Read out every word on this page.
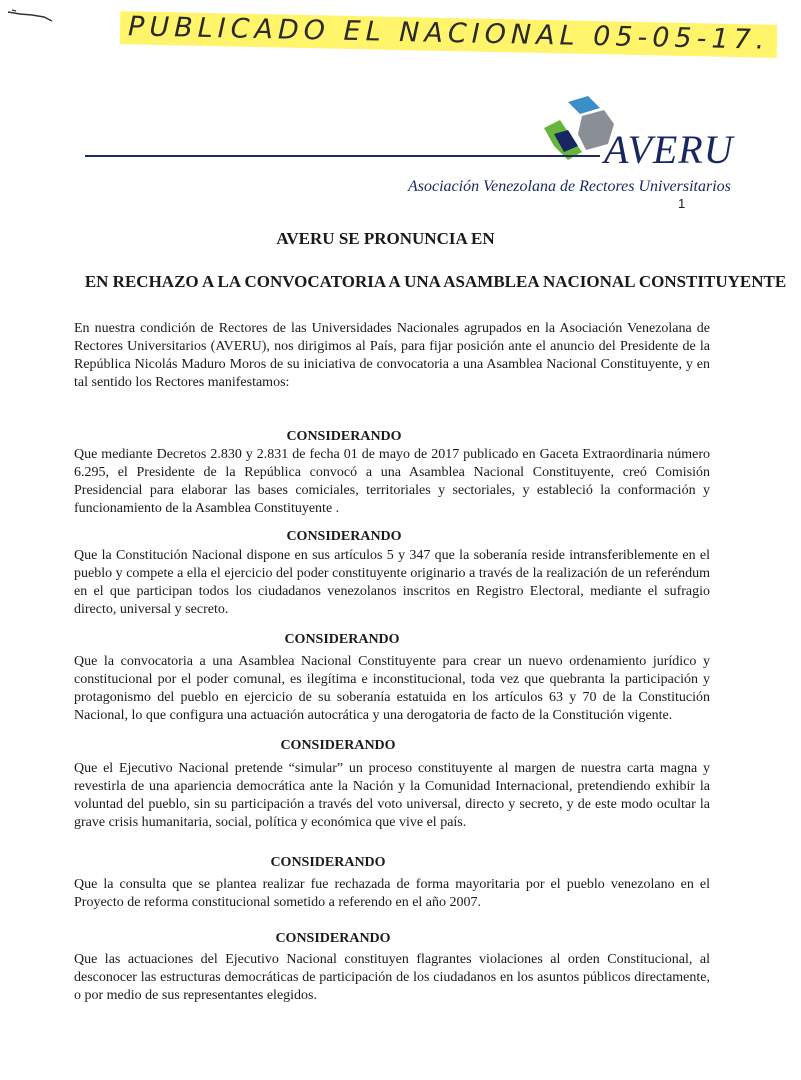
PUBLICADO EL NACIONAL 05-05-17.
AVERU
Asociación Venezolana de Rectores Universitarios
1
AVERU SE PRONUNCIA EN
EN RECHAZO A LA CONVOCATORIA A UNA ASAMBLEA NACIONAL CONSTITUYENTE
En nuestra condición de Rectores de las Universidades Nacionales agrupados en la Asociación Venezolana de Rectores Universitarios (AVERU), nos dirigimos al País, para fijar posición ante el anuncio del Presidente de la República Nicolás Maduro Moros de su iniciativa de convocatoria a una Asamblea Nacional Constituyente, y en tal sentido los Rectores manifestamos:
CONSIDERANDO
Que mediante Decretos 2.830 y 2.831 de fecha 01 de mayo de 2017 publicado en Gaceta Extraordinaria número 6.295, el Presidente de la República convocó a una Asamblea Nacional Constituyente, creó Comisión Presidencial para elaborar las bases comiciales, territoriales y sectoriales, y estableció la conformación y funcionamiento de la Asamblea Constituyente .
CONSIDERANDO
Que la Constitución Nacional dispone en sus artículos 5 y 347 que la soberanía reside intransferiblemente en el pueblo y compete a ella el ejercicio del poder constituyente originario a través de la realización de un referéndum en el que participan todos los ciudadanos venezolanos inscritos en Registro Electoral, mediante el sufragio directo, universal y secreto.
CONSIDERANDO
Que la convocatoria a una Asamblea Nacional Constituyente para crear un nuevo ordenamiento jurídico y constitucional por el poder comunal, es ilegítima e inconstitucional, toda vez que quebranta la participación y protagonismo del pueblo en ejercicio de su soberanía estatuida en los artículos 63 y 70 de la Constitución Nacional, lo que configura una actuación autocrática y una derogatoria de facto de la Constitución vigente.
CONSIDERANDO
Que el Ejecutivo Nacional pretende “simular” un proceso constituyente al margen de nuestra carta magna y revestirla de una apariencia democrática ante la Nación y la Comunidad Internacional, pretendiendo exhibir la voluntad del pueblo, sin su participación a través del voto universal, directo y secreto, y de este modo ocultar la grave crisis humanitaria, social, política y económica que vive el país.
CONSIDERANDO
Que la consulta que se plantea realizar fue rechazada de forma mayoritaria por el pueblo venezolano en el Proyecto de reforma constitucional sometido a referendo en el año 2007.
CONSIDERANDO
Que las actuaciones del Ejecutivo Nacional constituyen flagrantes violaciones al orden Constitucional, al desconocer las estructuras democráticas de participación de los ciudadanos en los asuntos públicos directamente, o por medio de sus representantes elegidos.
